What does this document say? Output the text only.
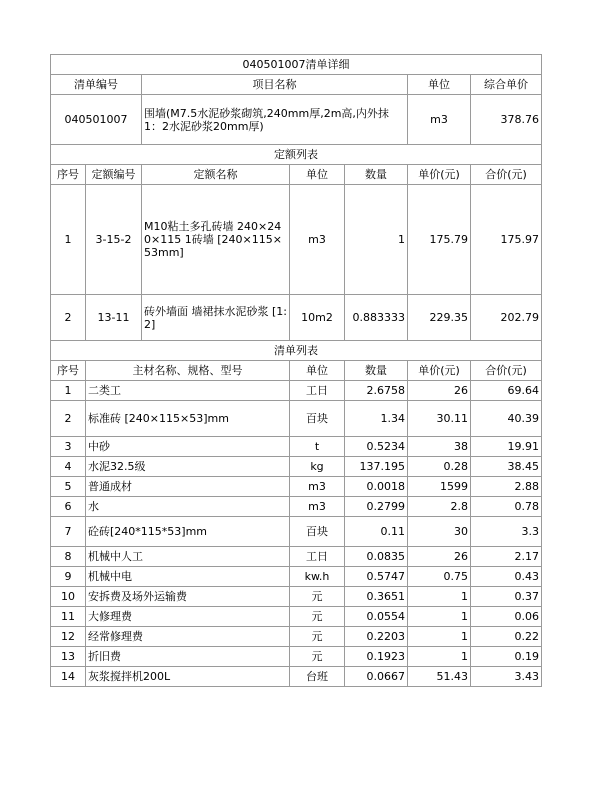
040501007清单详细						
清单编号		项目名称			单位	综合单价
040501007		围墙(M7.5水泥砂浆砌筑,240mm厚,2m高,内外抹1：2水泥砂浆20mm厚)			m3	378.76
定额列表						
序号	定额编号	定额名称	单位	数量	单价(元)	合价(元)
1	3-15-2	M10粘土多孔砖墙 240×240×115 1砖墙 [240×115×53mm]	m3	1	175.79	175.97
2	13-11	砖外墙面 墙裙抹水泥砂浆 [1:2]	10m2	0.883333	229.35	202.79
清单列表						
序号	主材名称、规格、型号		单位	数量	单价(元)	合价(元)
1	二类工		工日	2.6758	26	69.64
2	标准砖 [240×115×53]mm		百块	1.34	30.11	40.39
3	中砂		t	0.5234	38	19.91
4	水泥32.5级		kg	137.195	0.28	38.45
5	普通成材		m3	0.0018	1599	2.88
6	水		m3	0.2799	2.8	0.78
7	砼砖[240*115*53]mm		百块	0.11	30	3.3
8	机械中人工		工日	0.0835	26	2.17
9	机械中电		kw.h	0.5747	0.75	0.43
10	安拆费及场外运输费		元	0.3651	1	0.37
11	大修理费		元	0.0554	1	0.06
12	经常修理费		元	0.2203	1	0.22
13	折旧费		元	0.1923	1	0.19
14	灰浆搅拌机200L		台班	0.0667	51.43	3.43
